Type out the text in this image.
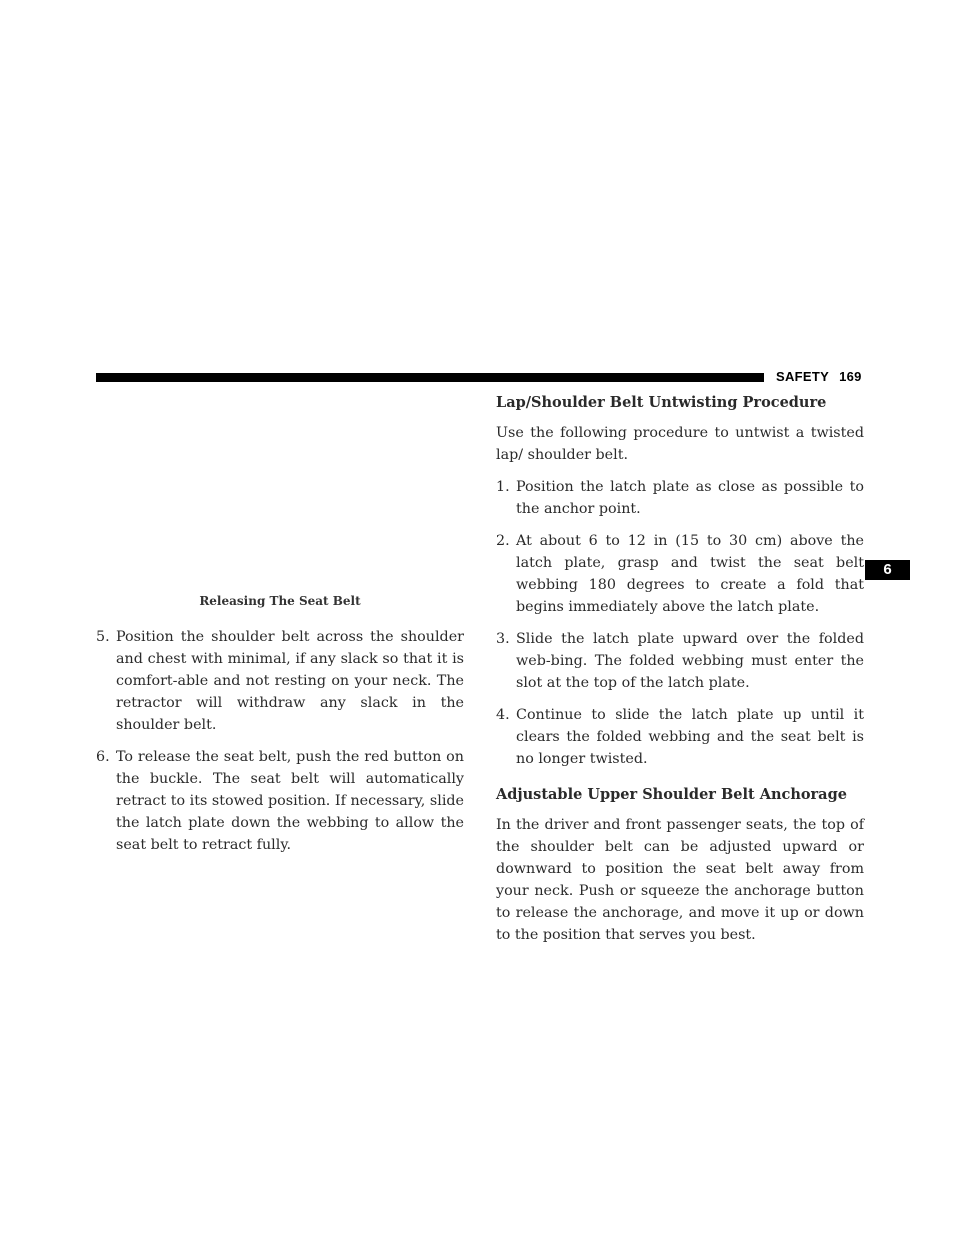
SAFETY 169
6
Releasing The Seat Belt
5. Position the shoulder belt across the shoulder and chest with minimal, if any slack so that it is comfort-able and not resting on your neck. The retractor will withdraw any slack in the shoulder belt.
6. To release the seat belt, push the red button on the buckle. The seat belt will automatically retract to its stowed position. If necessary, slide the latch plate down the webbing to allow the seat belt to retract fully.
Lap/Shoulder Belt Untwisting Procedure

Use the following procedure to untwist a twisted lap/ shoulder belt.

1. Position the latch plate as close as possible to the anchor point.
2. At about 6 to 12 in (15 to 30 cm) above the latch plate, grasp and twist the seat belt webbing 180 degrees to create a fold that begins immediately above the latch plate.
3. Slide the latch plate upward over the folded web-bing. The folded webbing must enter the slot at the top of the latch plate.
4. Continue to slide the latch plate up until it clears the folded webbing and the seat belt is no longer twisted.
Adjustable Upper Shoulder Belt Anchorage

In the driver and front passenger seats, the top of the shoulder belt can be adjusted upward or downward to position the seat belt away from your neck. Push or squeeze the anchorage button to release the anchorage, and move it up or down to the position that serves you best.
